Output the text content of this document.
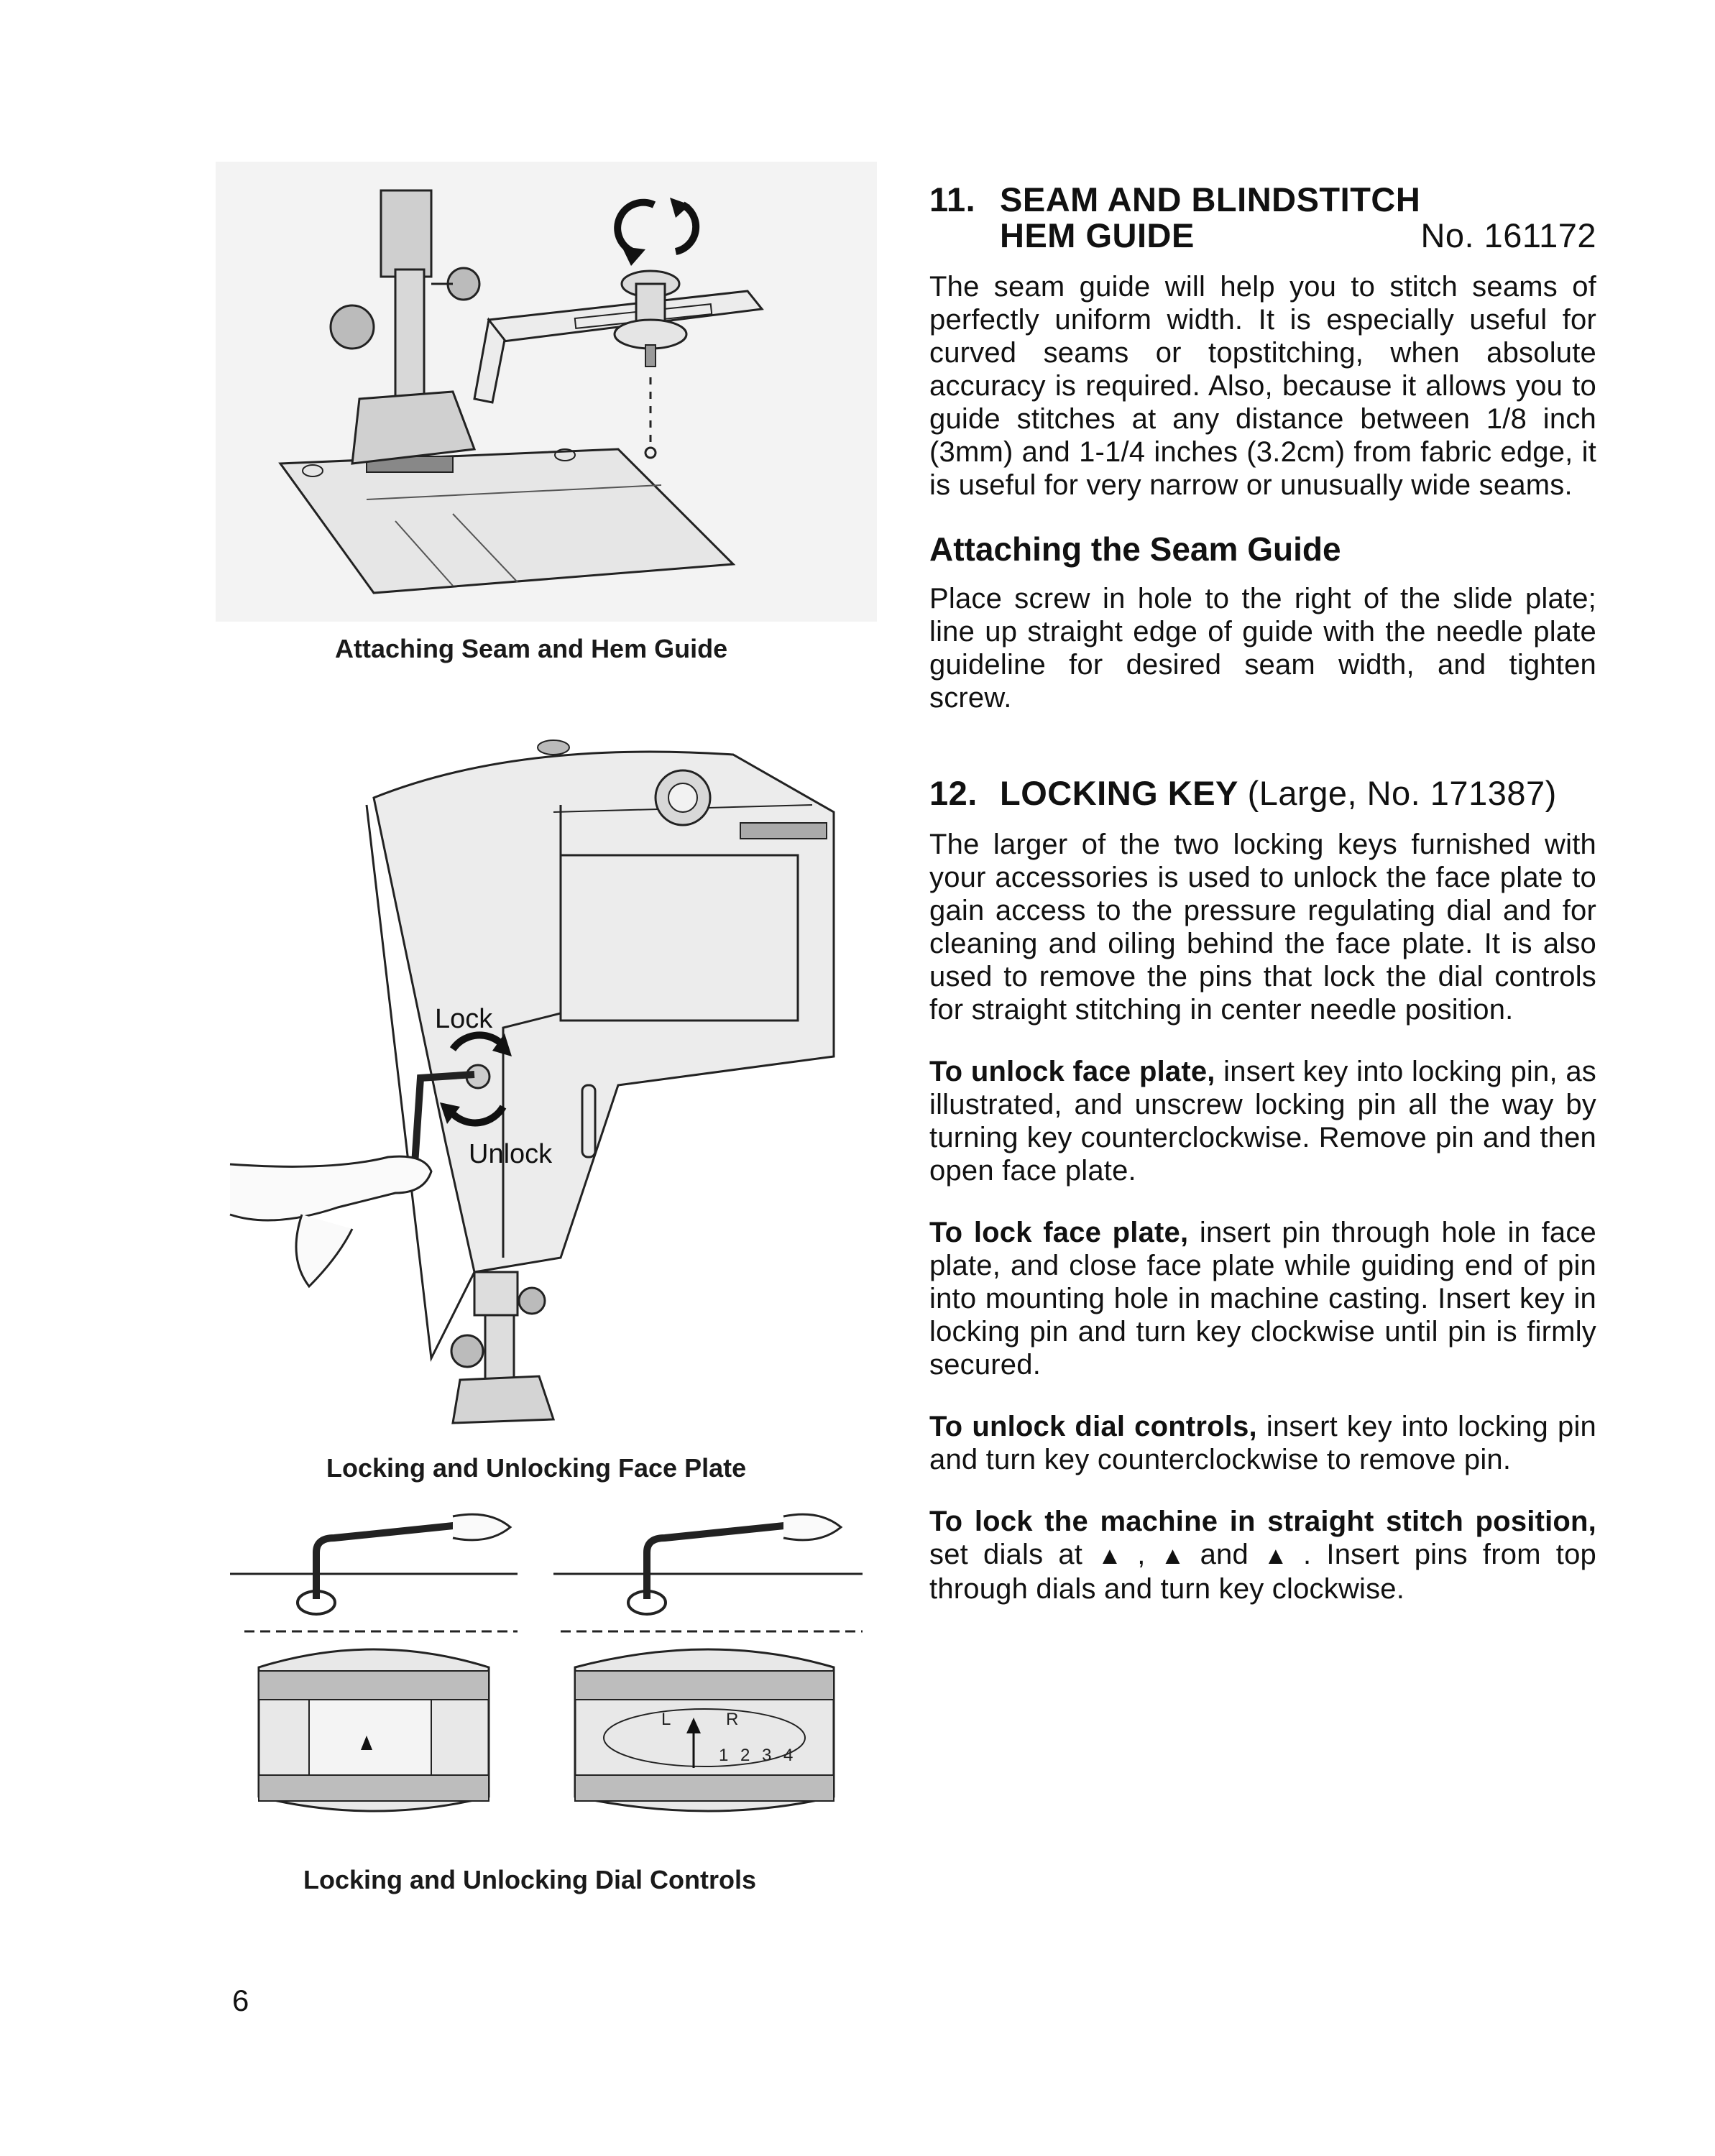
Attaching Seam and Hem Guide
Lock
Unlock
Locking and Unlocking Face Plate
L	R
1 2 3 4
Locking and Unlocking Dial Controls
11. SEAM AND BLINDSTITCH
HEM GUIDE	No. 161172

The seam guide will help you to stitch seams of perfectly uniform width. It is especially useful for curved seams or topstitching, when absolute accuracy is required. Also, because it allows you to guide stitches at any distance between 1/8 inch (3mm) and 1-1/4 inches (3.2cm) from fabric edge, it is useful for very narrow or unusually wide seams.

Attaching the Seam Guide

Place screw in hole to the right of the slide plate; line up straight edge of guide with the needle plate guideline for desired seam width, and tighten screw.

12. LOCKING KEY (Large, No. 171387)

The larger of the two locking keys furnished with your accessories is used to unlock the face plate to gain access to the pressure regulating dial and for cleaning and oiling behind the face plate. It is also used to remove the pins that lock the dial controls for straight stitching in center needle position.

To unlock face plate, insert key into locking pin, as illustrated, and unscrew locking pin all the way by turning key counterclockwise. Remove pin and then open face plate.

To lock face plate, insert pin through hole in face plate, and close face plate while guiding end of pin into mounting hole in machine casting. Insert key in locking pin and turn key clockwise until pin is firmly secured.

To unlock dial controls, insert key into locking pin and turn key counterclockwise to remove pin.

To lock the machine in straight stitch position, set dials at ▲ , ▲ and ▲ . Insert pins from top through dials and turn key clockwise.

6
